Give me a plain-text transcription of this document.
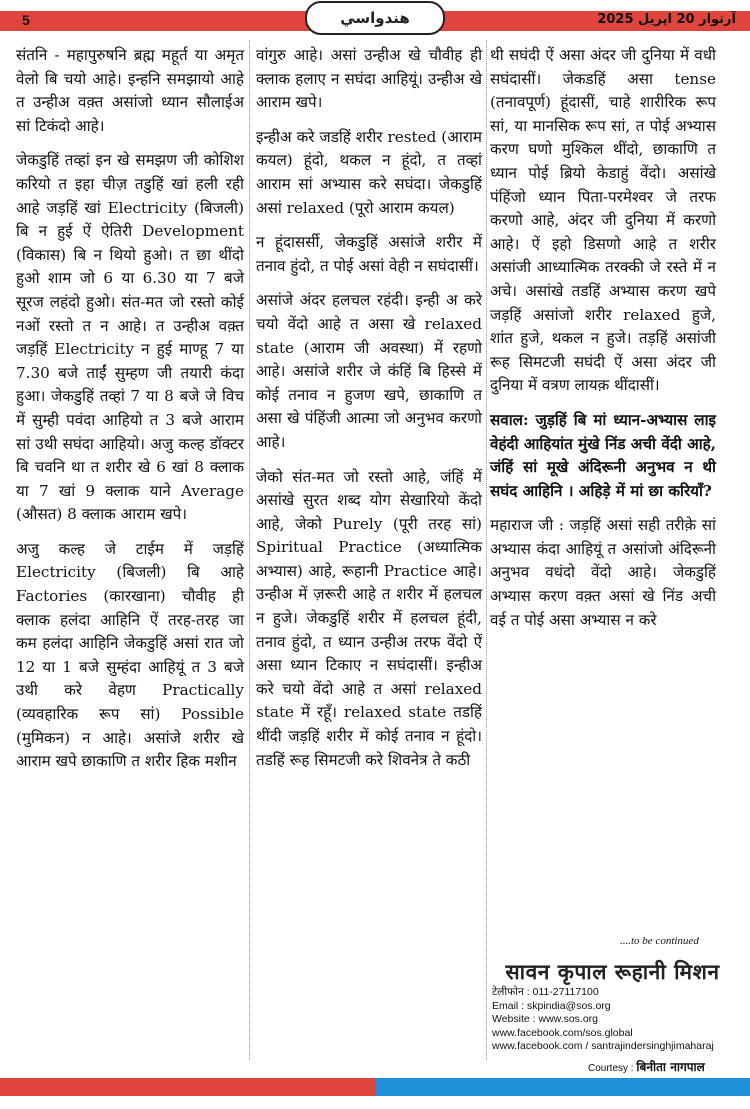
5	ھندواسي	آرتوار 20 اپريل 2025

संतनि - महापुरुषनि ब्रह्म महूर्त या अमृत वेलो बि चयो आहे। इन्हनि समझायो आहे त उन्हीअ वक़्त असांजो ध्यान सौलाईअ सां टिकंदो आहे।

जेकडुहिं तव्हां इन खे समझण जी कोशिश करियो त इहा चीज़ तडुहिं खां हली रही आहे जड़हिं खां Electricity (बिजली) बि न हुई ऐं ऐतिरी Development (विकास) बि न थियो हुओ। त छा थींदो हुओ शाम जो 6 या 6.30 या 7 बजे सूरज लहंदो हुओ। संत-मत जो रस्तो कोई नओं रस्तो त न आहे। त उन्हीअ वक़्त जड़हिं Electricity न हुई माण्हू 7 या 7.30 बजे ताईं सुम्हण जी तयारी कंदा हुआ। जेकडुहिं तव्हां 7 या 8 बजे जे विच में सुम्ही पवंदा आहियो त 3 बजे आराम सां उथी सघंदा आहियो। अजु कल्ह डॉक्टर बि चवनि था त शरीर खे 6 खां 8 क्लाक या 7 खां 9 क्लाक याने Average (औसत) 8 क्लाक आराम खपे।

अजु कल्ह जे टाईम में जड़हिं Electricity (बिजली) बि आहे Factories (कारखाना) चौवीह ही क्लाक हलंदा आहिनि ऐं तरह-तरह जा कम हलंदा आहिनि जेकडुहिं असां रात जो 12 या 1 बजे सुम्हंदा आहियूं त 3 बजे उथी करे वेहण Practically (व्यवहारिक रूप सां) Possible (मुमिकन) न आहे। असांजे शरीर खे आराम खपे छाकाणि त शरीर हिक मशीन

वांगुरु आहे। असां उन्हीअ खे चौवीह ही क्लाक हलाए न सघंदा आहियूं। उन्हीअ खे आराम खपे।

इन्हीअ करे जडहिं शरीर rested (आराम कयल) हूंदो, थकल न हूंदो, त तव्हां आराम सां अभ्यास करे सघंदा। जेकडुहिं असां relaxed (पूरो आराम कयल)

न हूंदासर्सी, जेकडुहिं असांजे शरीर में तनाव हुंदो, त पोई असां वेही न सघंदासीं।

असांजे अंदर हलचल रहंदी। इन्ही अ करे चयो वेंदो आहे त असा खे relaxed state (आराम जी अवस्था) में रहणो आहे। असांजे शरीर जे कंहिं बि हिस्से में कोई तनाव न हुजण खपे, छाकाणि त असा खे पंहिंजी आत्मा जो अनुभव करणो आहे।

जेको संत-मत जो रस्तो आहे, जंहिं में असांखे सुरत शब्द योग सेखारियो केंदो आहे, जेको Purely (पूरी तरह सां) Spiritual Practice (अध्यात्मिक अभ्यास) आहे, रूहानी Practice आहे। उन्हीअ में ज़रूरी आहे त शरीर में हलचल न हुजे। जेकडुहिं शरीर में हलचल हूंदी, तनाव हुंदो, त ध्यान उन्हीअ तरफ वेंदो ऐं असा ध्यान टिकाए न सघंदासीं। इन्हीअ करे चयो वेंदो आहे त असां relaxed state में रहूँ। relaxed state तडहिं थींदी जड़हिं शरीर में कोई तनाव न हूंदो। तडहिं रूह सिमटजी करे शिवनेत्र ते कठी

थी सघंदी ऐं असा अंदर जी दुनिया में वधी सघंदासीं। जेकडहिं असा tense (तनावपूर्ण) हूंदासीं, चाहे शारीरिक रूप सां, या मानसिक रूप सां, त पोई अभ्यास करण घणो मुश्किल थींदो, छाकाणि त ध्यान पोई ब्रियो केडाहुं वेंदो। असांखे पंहिंजो ध्यान पिता-परमेश्वर जे तरफ करणो आहे, अंदर जी दुनिया में करणो आहे। ऐं इहो डिसणो आहे त शरीर असांजी आध्यात्मिक तरक्की जे रस्ते में न अचे। असांखे तडहिं अभ्यास करण खपे जड़हिं असांजो शरीर relaxed हुजे, शांत हुजे, थकल न हुजे। तड़हिं असांजी रूह सिमटजी सघंदी ऐं असा अंदर जी दुनिया में वत्रण लायक़ थींदासीं।

सवाल: जुड़हिं बि मां ध्यान-अभ्यास लाइ वेहंदी आहियांत मुंखे निंड अची वेंदी आहे, जंहिं सां मूखे अंदिरूनी अनुभव न थी सघंद आहिनि । अहिड़े में मां छा करियाँ?

महाराज जी : जड़हिं असां सही तरीक़े सां अभ्यास कंदा आहियूं त असांजो अंदिरूनी अनुभव वधंदो वेंदो आहे। जेकडुहिं अभ्यास करण वक़्त असां खे निंड अची वई त पोई असा अभ्यास न करे

....to be continued
सावन कृपाल रूहानी मिशन
टेलीफोन : 011-27117100
Email : skpindia@sos.org
Website : www.sos.org
www.facebook.com/sos.global
www.facebook.com / santrajindersinghjimaharaj
Courtesy : बिनीता नागपाल
